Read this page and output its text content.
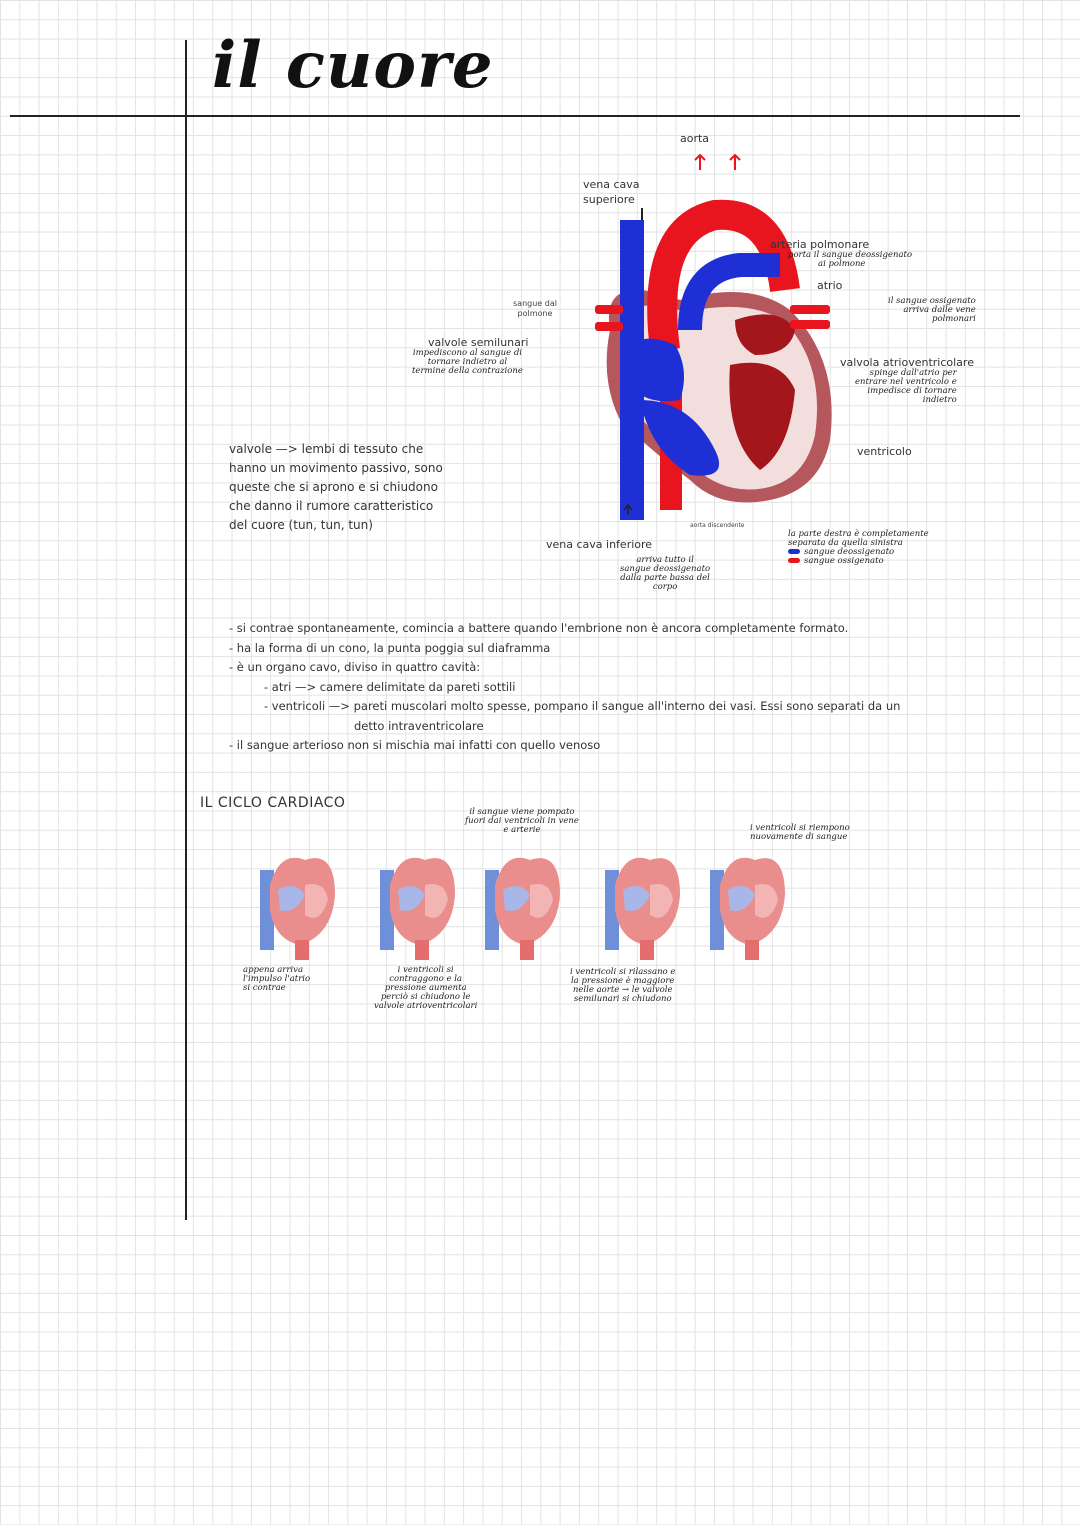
il cuore
aorta
vena cava
superiore
arteria polmonare
porta il sangue deossigenato
ai polmone
atrio
il sangue ossigenato
arriva dalle vene
polmonari
sangue dal
polmone
valvole semilunari
impediscono al sangue di
tornare indietro al
termine della contrazione
valvola atrioventricolare
spinge dall'atrio per
entrare nel ventricolo e
impedisce di tornare
indietro
ventricolo
vena cava inferiore
arriva tutto il
sangue deossigenato
dalla parte bassa del
corpo
aorta discendente
la parte destra è completamente
separata da quella sinistra
sangue deossigenato
sangue ossigenato
valvole —> lembi di tessuto che
hanno un movimento passivo, sono
queste che si aprono e si chiudono
che danno il rumore caratteristico
del cuore (tun, tun, tun)
- si contrae spontaneamente, comincia a battere quando l'embrione non è ancora completamente formato.
- ha la forma di un cono, la punta poggia sul diaframma
- è un organo cavo, diviso in quattro cavità:
- atri —> camere delimitate da pareti sottili
- ventricoli —> pareti muscolari molto spesse, pompano il sangue all'interno dei vasi. Essi sono separati da un
detto intraventricolare
- il sangue arterioso non si mischia mai infatti con quello venoso
IL CICLO CARDIACO
il sangue viene pompato
fuori dai ventricoli in vene
e arterie	i ventricoli si riempono
nuovamente di sangue
appena arriva
l'impulso l'atrio
si contrae
i ventricoli si
contraggono e la
pressione aumenta
perciò si chiudono le
valvole atrioventricolari
i ventricoli si rilassano e
la pressione è maggiore
nelle aorte → le valvole
semilunari si chiudono
